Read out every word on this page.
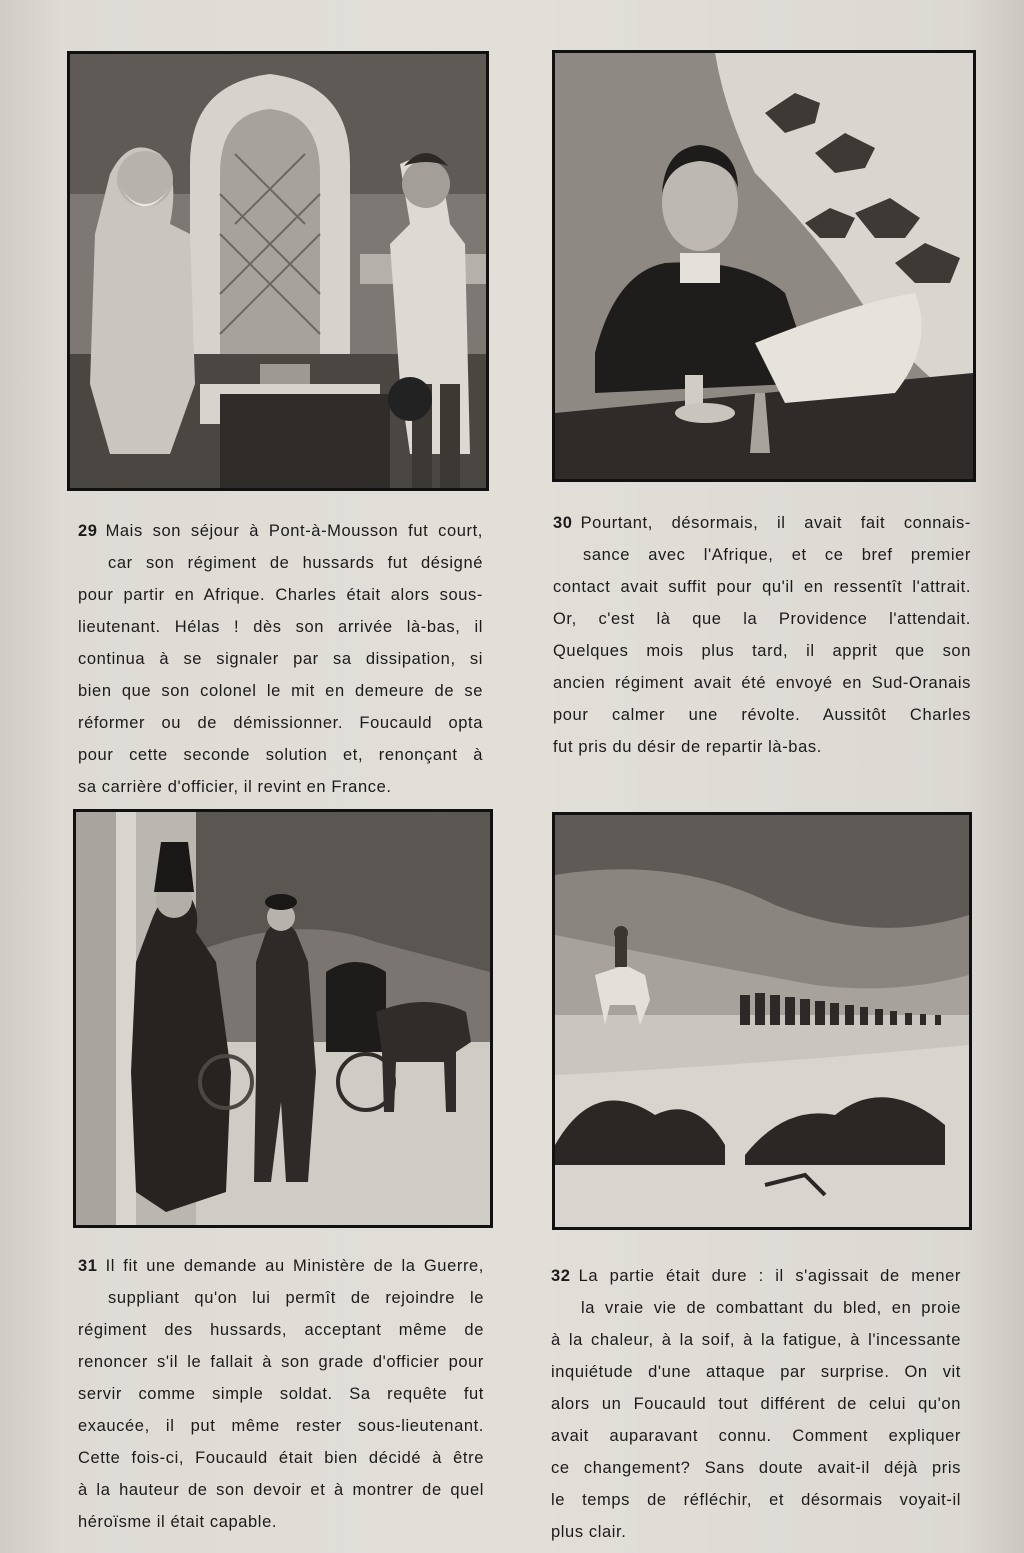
29 Mais son séjour à Pont-à-Mousson fut court,
car son régiment de hussards fut désigné
pour partir en Afrique. Charles était alors sous-
lieutenant. Hélas ! dès son arrivée là-bas, il
continua à se signaler par sa dissipation, si
bien que son colonel le mit en demeure de se
réformer ou de démissionner. Foucauld opta
pour cette seconde solution et, renonçant à
sa carrière d'officier, il revint en France.
30 Pourtant, désormais, il avait fait connais-
sance avec l'Afrique, et ce bref premier
contact avait suffit pour qu'il en ressentît l'attrait.
Or, c'est là que la Providence l'attendait.
Quelques mois plus tard, il apprit que son
ancien régiment avait été envoyé en Sud-Oranais
pour calmer une révolte. Aussitôt Charles
fut pris du désir de repartir là-bas.
31 Il fit une demande au Ministère de la Guerre,
suppliant qu'on lui permît de rejoindre le
régiment des hussards, acceptant même de
renoncer s'il le fallait à son grade d'officier pour
servir comme simple soldat. Sa requête fut
exaucée, il put même rester sous-lieutenant.
Cette fois-ci, Foucauld était bien décidé à être
à la hauteur de son devoir et à montrer de quel
héroïsme il était capable.
32 La partie était dure : il s'agissait de mener
la vraie vie de combattant du bled, en proie
à la chaleur, à la soif, à la fatigue, à l'incessante
inquiétude d'une attaque par surprise. On vit
alors un Foucauld tout différent de celui qu'on
avait auparavant connu. Comment expliquer
ce changement? Sans doute avait-il déjà pris
le temps de réfléchir, et désormais voyait-il
plus clair.
